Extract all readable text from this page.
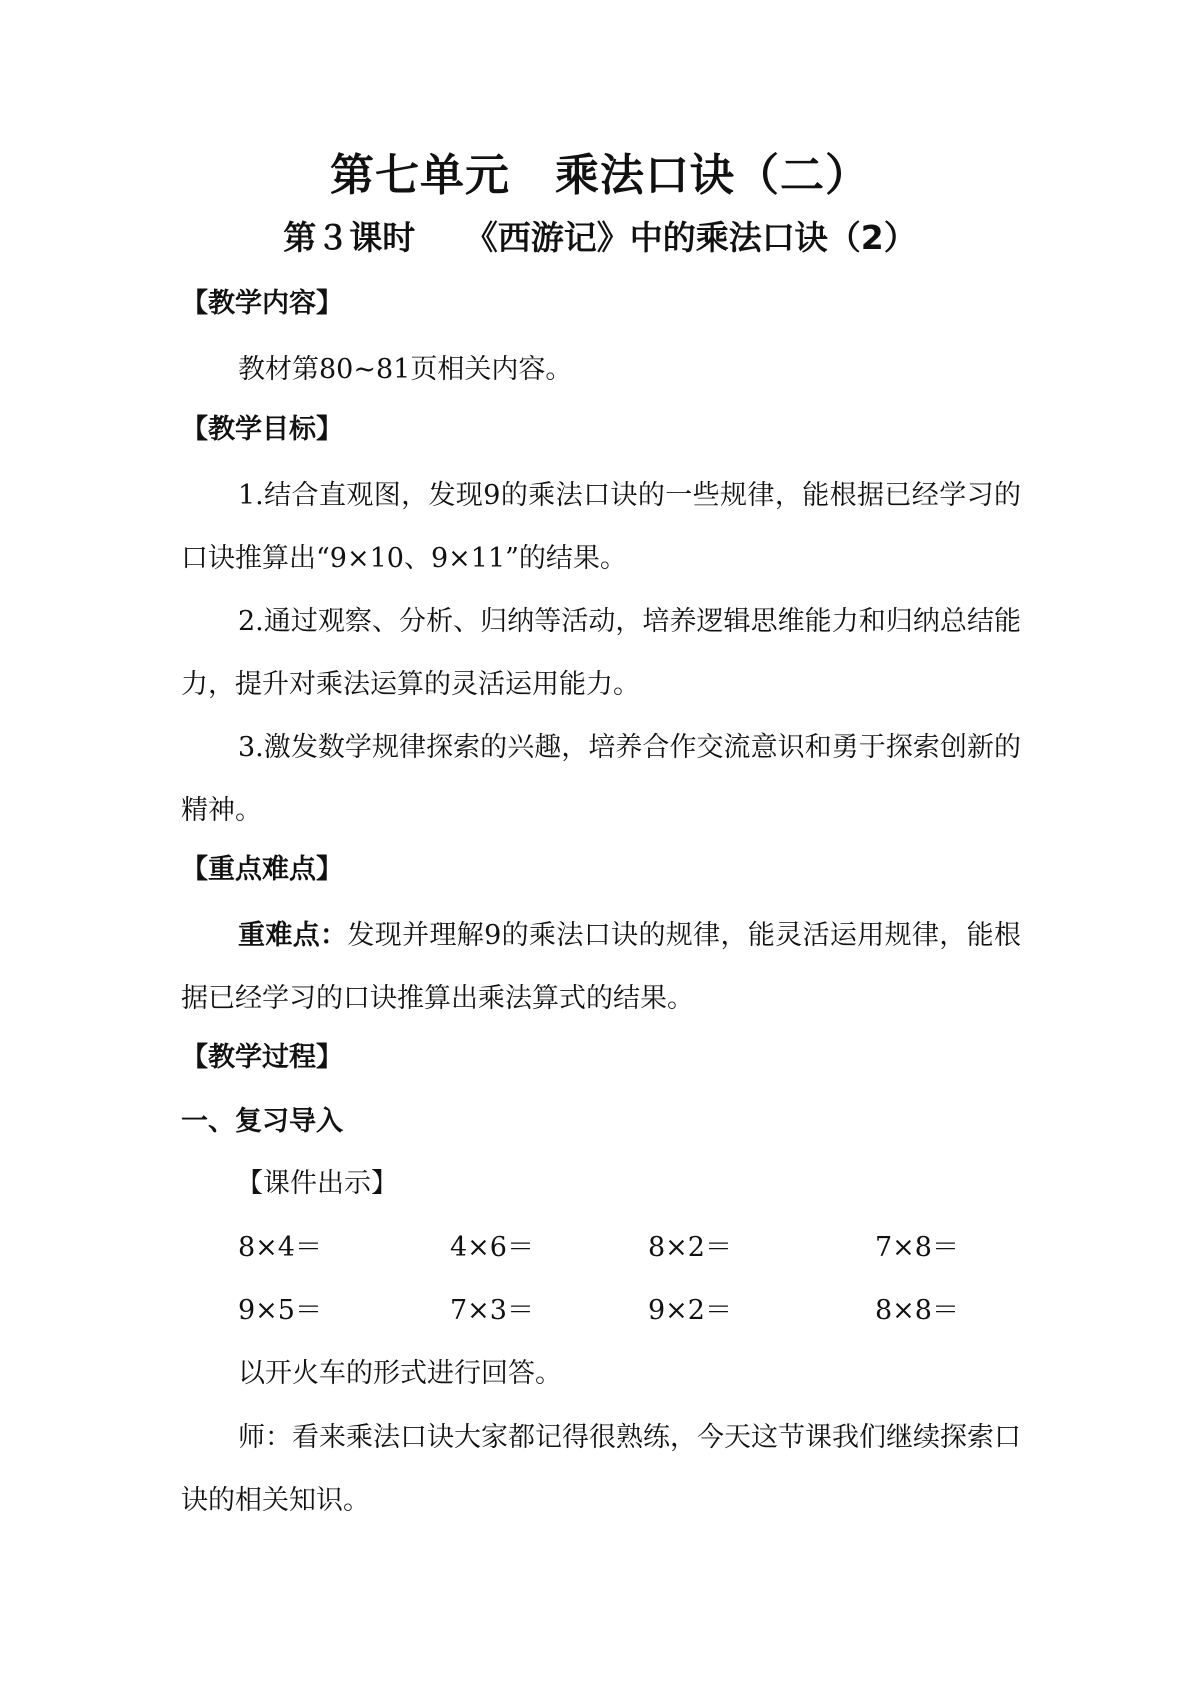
第七单元　乘法口诀（二）
第３课时　　《西游记》中的乘法口诀（2）
【教学内容】
教材第80~81页相关内容。
【教学目标】
1.结合直观图，发现9的乘法口诀的一些规律，能根据已经学习的口诀推算出“9×10、9×11”的结果。
2.通过观察、分析、归纳等活动，培养逻辑思维能力和归纳总结能力，提升对乘法运算的灵活运用能力。
3.激发数学规律探索的兴趣，培养合作交流意识和勇于探索创新的精神。
【重点难点】
重难点：发现并理解9的乘法口诀的规律，能灵活运用规律，能根据已经学习的口诀推算出乘法算式的结果。
【教学过程】
一、复习导入
【课件出示】
8×4＝	4×6＝	8×2＝	7×8＝
9×5＝	7×3＝	9×2＝	8×8＝
以开火车的形式进行回答。
师：看来乘法口诀大家都记得很熟练，今天这节课我们继续探索口诀的相关知识。
